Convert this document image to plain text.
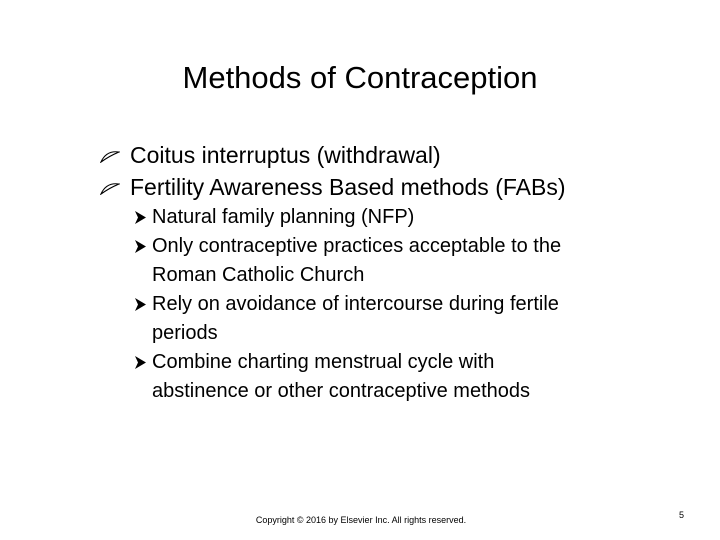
Methods of Contraception
Coitus interruptus (withdrawal)
Fertility Awareness Based methods (FABs)
Natural family planning (NFP)
Only contraceptive practices acceptable to the
Roman Catholic Church
Rely on avoidance of intercourse during fertile
periods
Combine charting menstrual cycle with
abstinence or other contraceptive methods
Copyright © 2016 by Elsevier Inc. All rights reserved.	5
